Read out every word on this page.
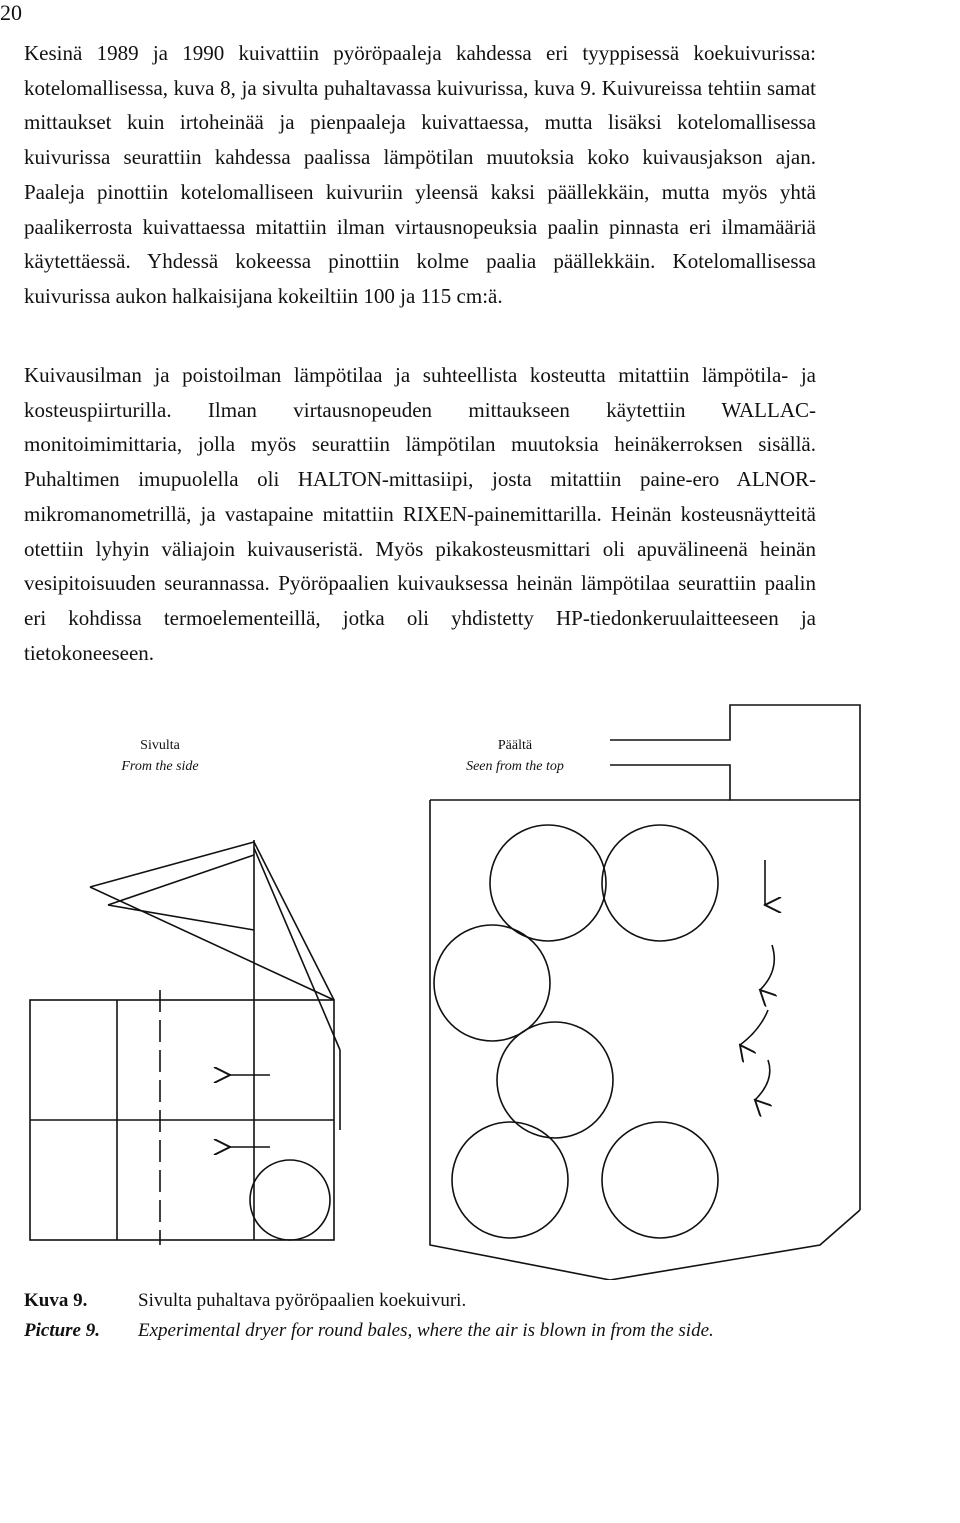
20

Kesinä 1989 ja 1990 kuivattiin pyöröpaaleja kahdessa eri tyyppisessä koekuivurissa: kotelomallisessa, kuva 8, ja sivulta puhaltavassa kuivurissa, kuva 9. Kuivureissa tehtiin samat mittaukset kuin irtoheinää ja pienpaaleja kuivattaessa, mutta lisäksi kotelomallisessa kuivurissa seurattiin kahdessa paalissa lämpötilan muutoksia koko kuivausjakson ajan. Paaleja pinottiin kotelomalliseen kuivuriin yleensä kaksi päällekkäin, mutta myös yhtä paalikerrosta kuivattaessa mitattiin ilman virtausnopeuksia paalin pinnasta eri ilmamääriä käytettäessä. Yhdessä kokeessa pinottiin kolme paalia päällekkäin. Kotelomallisessa kuivurissa aukon halkaisijana kokeiltiin 100 ja 115 cm:ä.

Kuivausilman ja poistoilman lämpötilaa ja suhteellista kosteutta mitattiin lämpötila- ja kosteuspiirturilla. Ilman virtausnopeuden mittaukseen käytettiin WALLAC-monitoimimittaria, jolla myös seurattiin lämpötilan muutoksia heinäkerroksen sisällä. Puhaltimen imupuolella oli HALTON-mittasiipi, josta mitattiin paine-ero ALNOR-mikromanometrillä, ja vastapaine mitattiin RIXEN-painemittarilla. Heinän kosteusnäytteitä otettiin lyhyin väliajoin kuivauseristä. Myös pikakosteusmittari oli apuvälineenä heinän vesipitoisuuden seurannassa. Pyöröpaalien kuivauksessa heinän lämpötilaa seurattiin paalin eri kohdissa termoelementeillä, jotka oli yhdistetty HP-tiedonkeruulaitteeseen ja tietokoneeseen.

Sivulta
From the side
Päältä
Seen from the top
Kuva 9.	Sivulta puhaltava pyöröpaalien koekuivuri.
Picture 9. Experimental dryer for round bales, where the air is blown in from the side.
